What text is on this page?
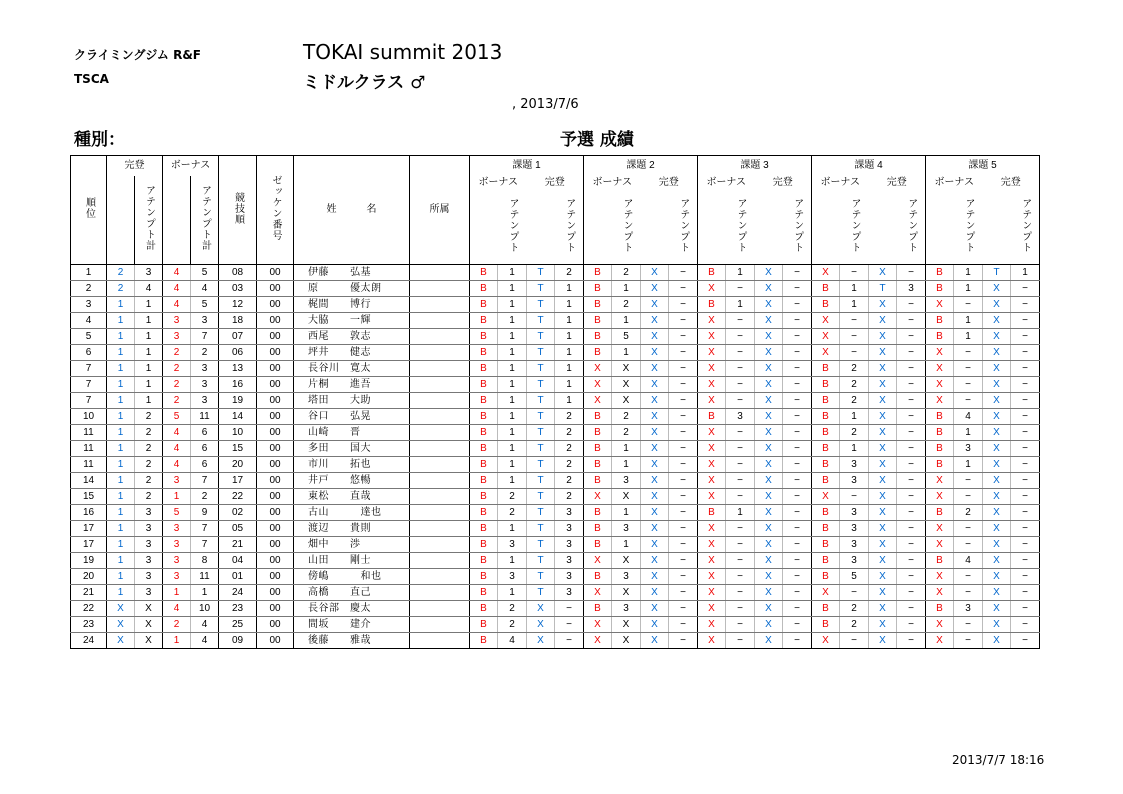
クライミングジム R&F
TSCA
TOKAI summit 2013
ミドルクラス ♂
, 2013/7/6
種別：	予選 成績
順位	完登		ボーナス		競技順	ゼッケン番号	姓　　　名	所属	課題 1				課題 2				課題 3				課題 4				課題 5			
		アテンプト計		アテンプト計					ボーナス		完登		ボーナス		完登		ボーナス		完登		ボーナス		完登		ボーナス		完登	
										アテンプト		アテンプト		アテンプト		アテンプト		アテンプト		アテンプト		アテンプト		アテンプト		アテンプト		アテンプト
1	2	3	4	5	08	00	伊藤　　弘基		B	1	T	2	B	2	X	−	B	1	X	−	X	−	X	−	B	1	T	1
2	2	4	4	4	03	00	原　　　優太朗		B	1	T	1	B	1	X	−	X	−	X	−	B	1	T	3	B	1	X	−
3	1	1	4	5	12	00	梶間　　博行		B	1	T	1	B	2	X	−	B	1	X	−	B	1	X	−	X	−	X	−
4	1	1	3	3	18	00	大脇　　一輝		B	1	T	1	B	1	X	−	X	−	X	−	X	−	X	−	B	1	X	−
5	1	1	3	7	07	00	西尾　　敦志		B	1	T	1	B	5	X	−	X	−	X	−	X	−	X	−	B	1	X	−
6	1	1	2	2	06	00	坪井　　健志		B	1	T	1	B	1	X	−	X	−	X	−	X	−	X	−	X	−	X	−
7	1	1	2	3	13	00	長谷川　寛太		B	1	T	1	X	X	X	−	X	−	X	−	B	2	X	−	X	−	X	−
7	1	1	2	3	16	00	片桐　　進吾		B	1	T	1	X	X	X	−	X	−	X	−	B	2	X	−	X	−	X	−
7	1	1	2	3	19	00	塔田　　大助		B	1	T	1	X	X	X	−	X	−	X	−	B	2	X	−	X	−	X	−
10	1	2	5	11	14	00	谷口　　弘晃		B	1	T	2	B	2	X	−	B	3	X	−	B	1	X	−	B	4	X	−
11	1	2	4	6	10	00	山崎　　晋		B	1	T	2	B	2	X	−	X	−	X	−	B	2	X	−	B	1	X	−
11	1	2	4	6	15	00	多田　　国大		B	1	T	2	B	1	X	−	X	−	X	−	B	1	X	−	B	3	X	−
11	1	2	4	6	20	00	市川　　拓也		B	1	T	2	B	1	X	−	X	−	X	−	B	3	X	−	B	1	X	−
14	1	2	3	7	17	00	井戸　　悠暢		B	1	T	2	B	3	X	−	X	−	X	−	B	3	X	−	X	−	X	−
15	1	2	1	2	22	00	東松　　直哉		B	2	T	2	X	X	X	−	X	−	X	−	X	−	X	−	X	−	X	−
16	1	3	5	9	02	00	古山　　　達也		B	2	T	3	B	1	X	−	B	1	X	−	B	3	X	−	B	2	X	−
17	1	3	3	7	05	00	渡辺　　貴則		B	1	T	3	B	3	X	−	X	−	X	−	B	3	X	−	X	−	X	−
17	1	3	3	7	21	00	畑中　　渉		B	3	T	3	B	1	X	−	X	−	X	−	B	3	X	−	X	−	X	−
19	1	3	3	8	04	00	山田　　剛士		B	1	T	3	X	X	X	−	X	−	X	−	B	3	X	−	B	4	X	−
20	1	3	3	11	01	00	傍嶋　　　和也		B	3	T	3	B	3	X	−	X	−	X	−	B	5	X	−	X	−	X	−
21	1	3	1	1	24	00	高橋　　直己		B	1	T	3	X	X	X	−	X	−	X	−	X	−	X	−	X	−	X	−
22	X	X	4	10	23	00	長谷部　慶太		B	2	X	−	B	3	X	−	X	−	X	−	B	2	X	−	B	3	X	−
23	X	X	2	4	25	00	間坂　　建介		B	2	X	−	X	X	X	−	X	−	X	−	B	2	X	−	X	−	X	−
24	X	X	1	4	09	00	後藤　　雅哉		B	4	X	−	X	X	X	−	X	−	X	−	X	−	X	−	X	−	X	−
2013/7/7 18:16
